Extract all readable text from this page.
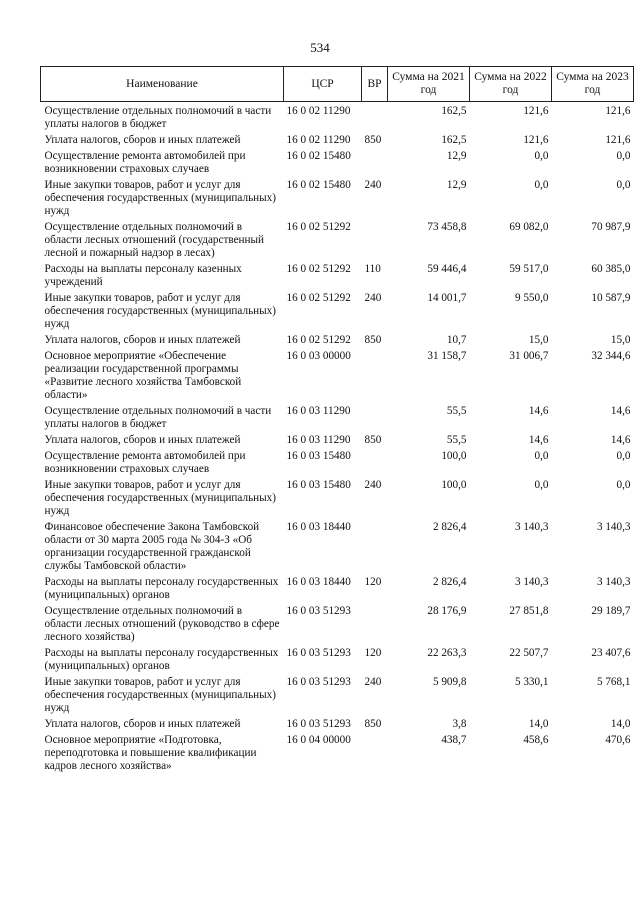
534
Наименование	ЦСР	ВР	Сумма на 2021 год	Сумма на 2022 год	Сумма на 2023 год
Осуществление отдельных полномочий в части уплаты налогов в бюджет	16 0 02 11290		162,5	121,6	121,6
Уплата налогов, сборов и иных платежей	16 0 02 11290	850	162,5	121,6	121,6
Осуществление ремонта автомобилей при возникновении страховых случаев	16 0 02 15480		12,9	0,0	0,0
Иные закупки товаров, работ и услуг для обеспечения государственных (муниципальных) нужд	16 0 02 15480	240	12,9	0,0	0,0
Осуществление отдельных полномочий в области лесных отношений (государственный лесной и пожарный надзор в лесах)	16 0 02 51292		73 458,8	69 082,0	70 987,9
Расходы на выплаты персоналу казенных учреждений	16 0 02 51292	110	59 446,4	59 517,0	60 385,0
Иные закупки товаров, работ и услуг для обеспечения государственных (муниципальных) нужд	16 0 02 51292	240	14 001,7	9 550,0	10 587,9
Уплата налогов, сборов и иных платежей	16 0 02 51292	850	10,7	15,0	15,0
Основное мероприятие «Обеспечение реализации государственной программы «Развитие лесного хозяйства Тамбовской области»	16 0 03 00000		31 158,7	31 006,7	32 344,6
Осуществление отдельных полномочий в части уплаты налогов в бюджет	16 0 03 11290		55,5	14,6	14,6
Уплата налогов, сборов и иных платежей	16 0 03 11290	850	55,5	14,6	14,6
Осуществление ремонта автомобилей при возникновении страховых случаев	16 0 03 15480		100,0	0,0	0,0
Иные закупки товаров, работ и услуг для обеспечения государственных (муниципальных) нужд	16 0 03 15480	240	100,0	0,0	0,0
Финансовое обеспечение Закона Тамбовской области от 30 марта 2005 года № 304-З «Об организации государственной гражданской службы Тамбовской области»	16 0 03 18440		2 826,4	3 140,3	3 140,3
Расходы на выплаты персоналу государственных (муниципальных) органов	16 0 03 18440	120	2 826,4	3 140,3	3 140,3
Осуществление отдельных полномочий в области лесных отношений (руководство в сфере лесного хозяйства)	16 0 03 51293		28 176,9	27 851,8	29 189,7
Расходы на выплаты персоналу государственных (муниципальных) органов	16 0 03 51293	120	22 263,3	22 507,7	23 407,6
Иные закупки товаров, работ и услуг для обеспечения государственных (муниципальных) нужд	16 0 03 51293	240	5 909,8	5 330,1	5 768,1
Уплата налогов, сборов и иных платежей	16 0 03 51293	850	3,8	14,0	14,0
Основное мероприятие «Подготовка, переподготовка и повышение квалификации кадров лесного хозяйства»	16 0 04 00000		438,7	458,6	470,6
